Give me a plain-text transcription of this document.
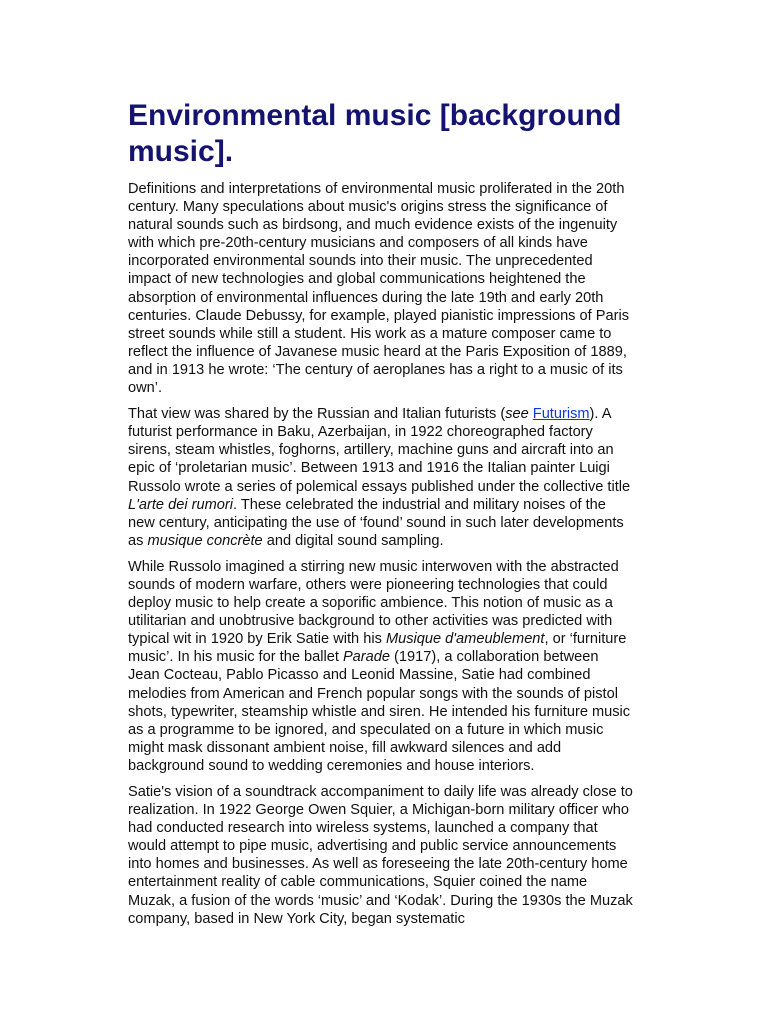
Environmental music [background music].

Definitions and interpretations of environmental music proliferated in the 20th century. Many speculations about music's origins stress the significance of natural sounds such as birdsong, and much evidence exists of the ingenuity with which pre-20th-century musicians and composers of all kinds have incorporated environmental sounds into their music. The unprecedented impact of new technologies and global communications heightened the absorption of environmental influences during the late 19th and early 20th centuries. Claude Debussy, for example, played pianistic impressions of Paris street sounds while still a student. His work as a mature composer came to reflect the influence of Javanese music heard at the Paris Exposition of 1889, and in 1913 he wrote: ‘The century of aeroplanes has a right to a music of its own’.

That view was shared by the Russian and Italian futurists (see Futurism). A futurist performance in Baku, Azerbaijan, in 1922 choreographed factory sirens, steam whistles, foghorns, artillery, machine guns and aircraft into an epic of ‘proletarian music’. Between 1913 and 1916 the Italian painter Luigi Russolo wrote a series of polemical essays published under the collective title L'arte dei rumori. These celebrated the industrial and military noises of the new century, anticipating the use of ‘found’ sound in such later developments as musique concrète and digital sound sampling.

While Russolo imagined a stirring new music interwoven with the abstracted sounds of modern warfare, others were pioneering technologies that could deploy music to help create a soporific ambience. This notion of music as a utilitarian and unobtrusive background to other activities was predicted with typical wit in 1920 by Erik Satie with his Musique d'ameublement, or ‘furniture music’. In his music for the ballet Parade (1917), a collaboration between Jean Cocteau, Pablo Picasso and Leonid Massine, Satie had combined melodies from American and French popular songs with the sounds of pistol shots, typewriter, steamship whistle and siren. He intended his furniture music as a programme to be ignored, and speculated on a future in which music might mask dissonant ambient noise, fill awkward silences and add background sound to wedding ceremonies and house interiors.

Satie's vision of a soundtrack accompaniment to daily life was already close to realization. In 1922 George Owen Squier, a Michigan-born military officer who had conducted research into wireless systems, launched a company that would attempt to pipe music, advertising and public service announcements into homes and businesses. As well as foreseeing the late 20th-century home entertainment reality of cable communications, Squier coined the name Muzak, a fusion of the words ‘music’ and ‘Kodak’. During the 1930s the Muzak company, based in New York City, began systematic
